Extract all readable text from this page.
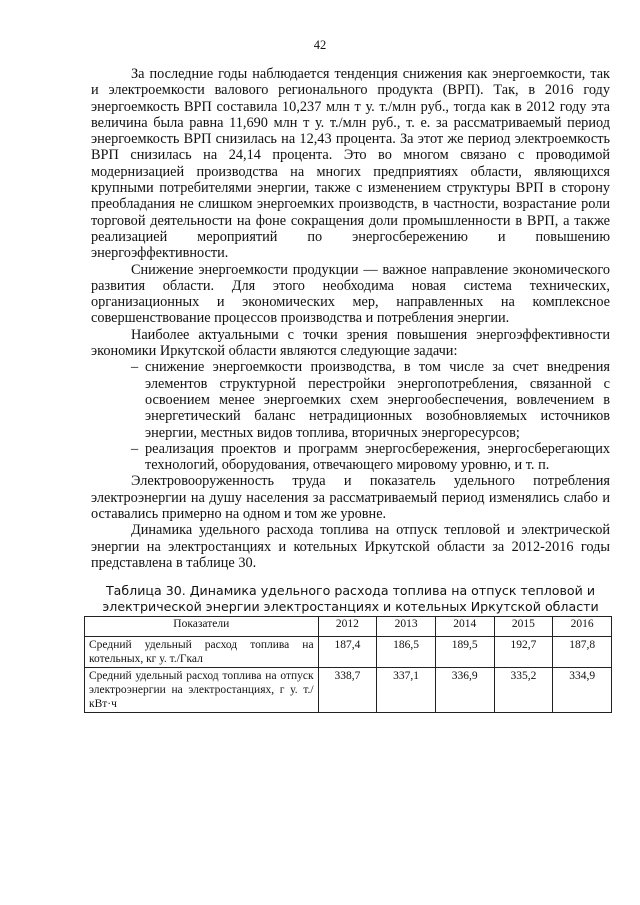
42

За последние годы наблюдается тенденция снижения как энергоемкости, так и электроемкости валового регионального продукта (ВРП). Так, в 2016 году энергоемкость ВРП составила 10,237 млн т у. т./млн руб., тогда как в 2012 году эта величина была равна 11,690 млн т у. т./млн руб., т. е. за рассматриваемый период энергоемкость ВРП снизилась на 12,43 процента. За этот же период электроемкость ВРП снизилась на 24,14 процента. Это во многом связано с проводимой модернизацией производства на многих предприятиях области, являющихся крупными потребителями энергии, также с изменением структуры ВРП в сторону преобладания не слишком энергоемких производств, в частности, возрастание роли торговой деятельности на фоне сокращения доли промышленности в ВРП, а также реализацией мероприятий по энергосбережению и повышению энергоэффективности.

Снижение энергоемкости продукции — важное направление экономического развития области. Для этого необходима новая система технических, организационных и экономических мер, направленных на комплексное совершенствование процессов производства и потребления энергии.

Наиболее актуальными с точки зрения повышения энергоэффективности экономики Иркутской области являются следующие задачи:

– снижение энергоемкости производства, в том числе за счет внедрения элементов структурной перестройки энергопотребления, связанной с освоением менее энергоемких схем энергообеспечения, вовлечением в энергетический баланс нетрадиционных возобновляемых источников энергии, местных видов топлива, вторичных энергоресурсов;
– реализация проектов и программ энергосбережения, энергосберегающих технологий, оборудования, отвечающего мировому уровню, и т. п.

Электровооруженность труда и показатель удельного потребления электроэнергии на душу населения за рассматриваемый период изменялись слабо и оставались примерно на одном и том же уровне.

Динамика удельного расхода топлива на отпуск тепловой и электрической энергии на электростанциях и котельных Иркутской области за 2012-2016 годы представлена в таблице 30.

Таблица 30. Динамика удельного расхода топлива на отпуск тепловой и электрической энергии электростанциях и котельных Иркутской области
Показатели	2012	2013	2014	2015	2016
Средний удельный расход топлива на котельных, кг у. т./Гкал	187,4	186,5	189,5	192,7	187,8
Средний удельный расход топлива на отпуск электроэнергии на электростанциях, г у. т./кВт·ч	338,7	337,1	336,9	335,2	334,9
